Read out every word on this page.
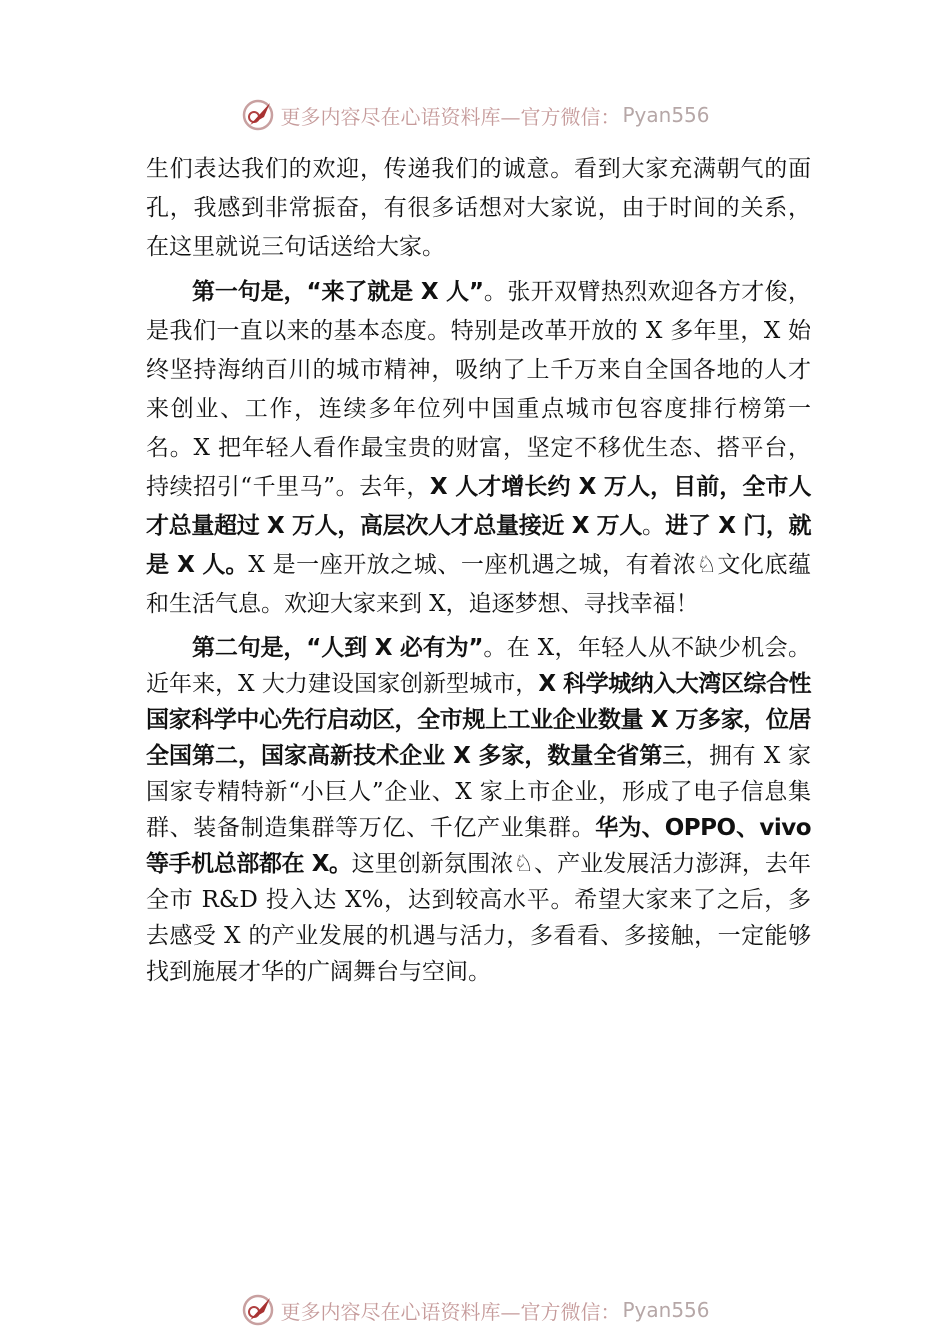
更多内容尽在心语资料库—官方微信： Pyan556

生们表达我们的欢迎，传递我们的诚意。看到大家充满朝气的面孔，我感到非常振奋，有很多话想对大家说，由于时间的关系，在这里就说三句话送给大家。

第一句是，“来了就是 X 人”。张开双臂热烈欢迎各方才俊，是我们一直以来的基本态度。特别是改革开放的 X 多年里，X 始终坚持海纳百川的城市精神，吸纳了上千万来自全国各地的人才来创业、工作，连续多年位列中国重点城市包容度排行榜第一名。X 把年轻人看作最宝贵的财富，坚定不移优生态、搭平台，持续招引“千里马”。去年，X 人才增长约 X 万人，目前，全市人才总量超过 X 万人，高层次人才总量接近 X 万人。进了 X 门，就是 X 人。X 是一座开放之城、一座机遇之城，有着浓♘文化底蕴和生活气息。欢迎大家来到 X，追逐梦想、寻找幸福！

第二句是，“人到 X 必有为”。在 X，年轻人从不缺少机会。近年来，X 大力建设国家创新型城市，X 科学城纳入大湾区综合性国家科学中心先行启动区，全市规上工业企业数量 X 万多家，位居全国第二，国家高新技术企业 X 多家，数量全省第三，拥有 X 家国家专精特新“小巨人”企业、X 家上市企业，形成了电子信息集群、装备制造集群等万亿、千亿产业集群。华为、OPPO、vivo 等手机总部都在 X。这里创新氛围浓♘、产业发展活力澎湃，去年全市 R&D 投入达 X%，达到较高水平。希望大家来了之后，多去感受 X 的产业发展的机遇与活力，多看看、多接触，一定能够找到施展才华的广阔舞台与空间。

更多内容尽在心语资料库—官方微信： Pyan556
